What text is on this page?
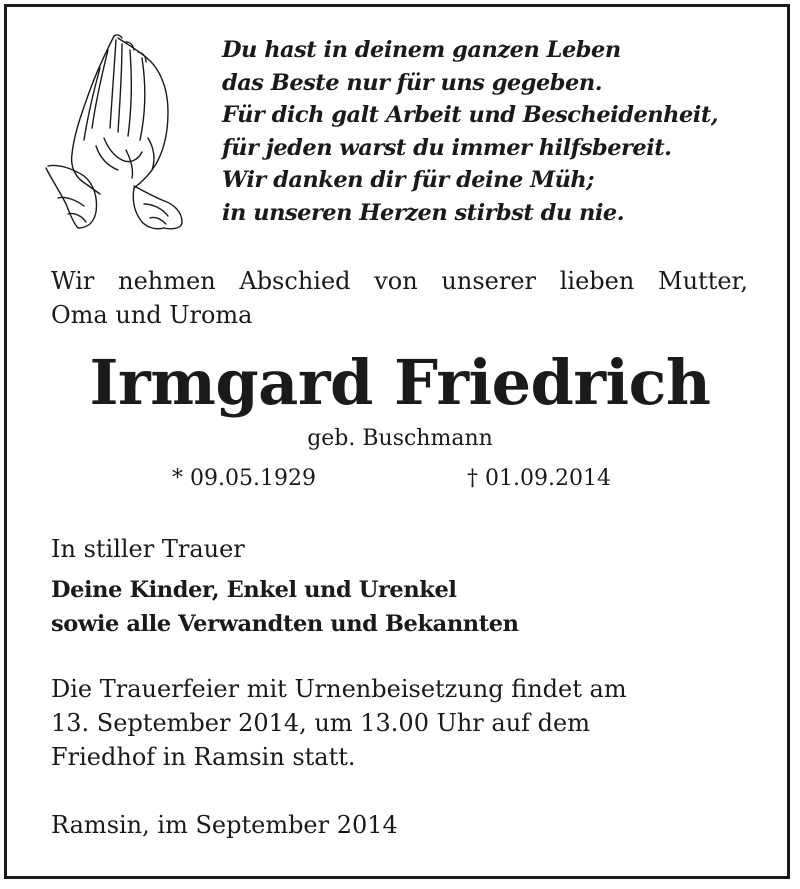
Du hast in deinem ganzen Leben
das Beste nur für uns gegeben.
Für dich galt Arbeit und Bescheidenheit,
für jeden warst du immer hilfsbereit.
Wir danken dir für deine Müh;
in unseren Herzen stirbst du nie.
Wir nehmen Abschied von unserer lieben Mutter,
Oma und Uroma
Irmgard Friedrich
geb. Buschmann
* 09.05.1929	† 01.09.2014
In stiller Trauer
Deine Kinder, Enkel und Urenkel
sowie alle Verwandten und Bekannten
Die Trauerfeier mit Urnenbeisetzung findet am
13. September 2014, um 13.00 Uhr auf dem
Friedhof in Ramsin statt.
Ramsin, im September 2014
